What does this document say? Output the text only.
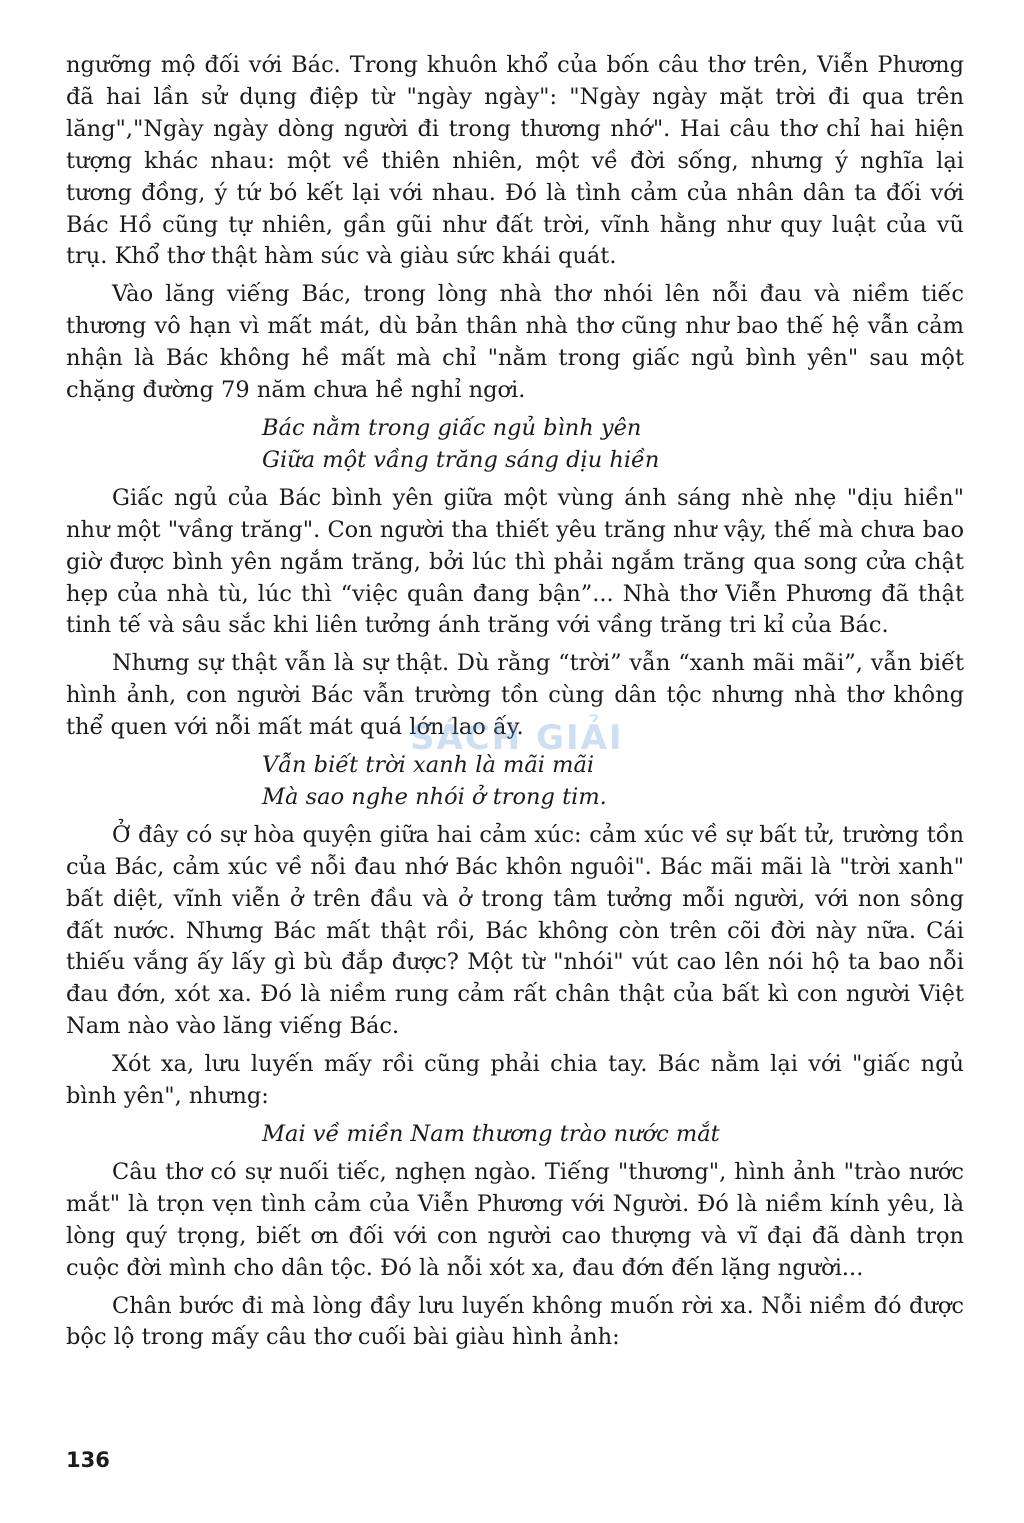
ngưỡng mộ đối với Bác. Trong khuôn khổ của bốn câu thơ trên, Viễn Phương đã hai lần sử dụng điệp từ "ngày ngày": "Ngày ngày mặt trời đi qua trên lăng","Ngày ngày dòng người đi trong thương nhớ". Hai câu thơ chỉ hai hiện tượng khác nhau: một về thiên nhiên, một về đời sống, nhưng ý nghĩa lại tương đồng, ý tứ bó kết lại với nhau. Đó là tình cảm của nhân dân ta đối với Bác Hồ cũng tự nhiên, gần gũi như đất trời, vĩnh hằng như quy luật của vũ trụ. Khổ thơ thật hàm súc và giàu sức khái quát.

Vào lăng viếng Bác, trong lòng nhà thơ nhói lên nỗi đau và niềm tiếc thương vô hạn vì mất mát, dù bản thân nhà thơ cũng như bao thế hệ vẫn cảm nhận là Bác không hề mất mà chỉ "nằm trong giấc ngủ bình yên" sau một chặng đường 79 năm chưa hề nghỉ ngơi.

Bác nằm trong giấc ngủ bình yên
Giữa một vầng trăng sáng dịu hiền

Giấc ngủ của Bác bình yên giữa một vùng ánh sáng nhè nhẹ "dịu hiền" như một "vầng trăng". Con người tha thiết yêu trăng như vậy, thế mà chưa bao giờ được bình yên ngắm trăng, bởi lúc thì phải ngắm trăng qua song cửa chật hẹp của nhà tù, lúc thì “việc quân đang bận”... Nhà thơ Viễn Phương đã thật tinh tế và sâu sắc khi liên tưởng ánh trăng với vầng trăng tri kỉ của Bác.

Nhưng sự thật vẫn là sự thật. Dù rằng “trời” vẫn “xanh mãi mãi”, vẫn biết hình ảnh, con người Bác vẫn trường tồn cùng dân tộc nhưng nhà thơ không thể quen với nỗi mất mát quá lớn lao ấy.

Vẫn biết trời xanh là mãi mãi
Mà sao nghe nhói ở trong tim.

Ở đây có sự hòa quyện giữa hai cảm xúc: cảm xúc về sự bất tử, trường tồn của Bác, cảm xúc về nỗi đau nhớ Bác khôn nguôi". Bác mãi mãi là "trời xanh" bất diệt, vĩnh viễn ở trên đầu và ở trong tâm tưởng mỗi người, với non sông đất nước. Nhưng Bác mất thật rồi, Bác không còn trên cõi đời này nữa. Cái thiếu vắng ấy lấy gì bù đắp được? Một từ "nhói" vút cao lên nói hộ ta bao nỗi đau đớn, xót xa. Đó là niềm rung cảm rất chân thật của bất kì con người Việt Nam nào vào lăng viếng Bác.

Xót xa, lưu luyến mấy rồi cũng phải chia tay. Bác nằm lại với "giấc ngủ bình yên", nhưng:

Mai về miền Nam thương trào nước mắt

Câu thơ có sự nuối tiếc, nghẹn ngào. Tiếng "thương", hình ảnh "trào nước mắt" là trọn vẹn tình cảm của Viễn Phương với Người. Đó là niềm kính yêu, là lòng quý trọng, biết ơn đối với con người cao thượng và vĩ đại đã dành trọn cuộc đời mình cho dân tộc. Đó là nỗi xót xa, đau đớn đến lặng người...

Chân bước đi mà lòng đầy lưu luyến không muốn rời xa. Nỗi niềm đó được bộc lộ trong mấy câu thơ cuối bài giàu hình ảnh:

SÁCH GIẢI
136
